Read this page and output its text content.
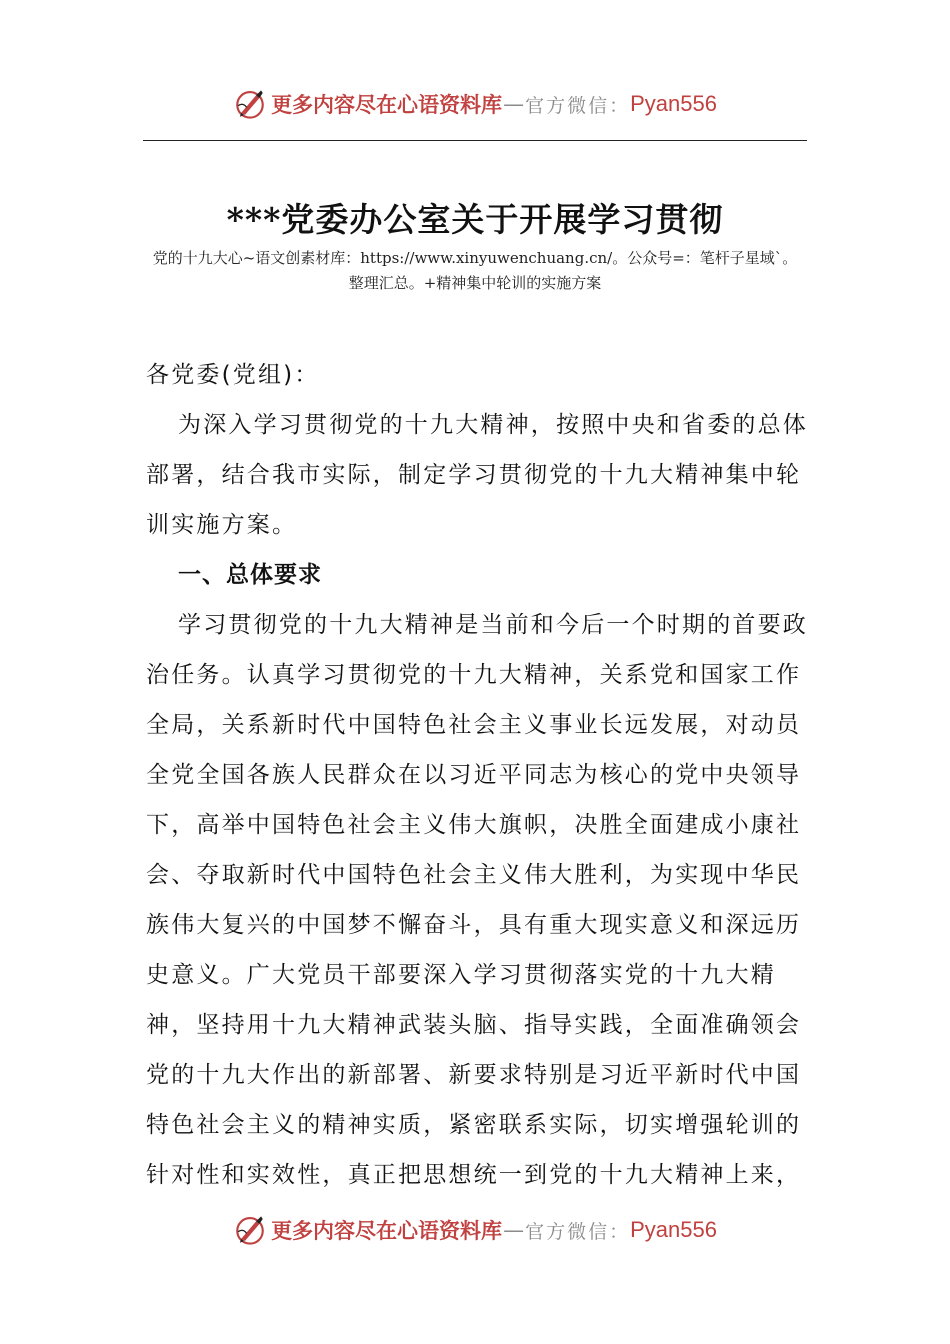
更多内容尽在心语资料库 — 官方微信： Pyan556
***党委办公室关于开展学习贯彻
党的十九大心~语文创素材库：https://www.xinyuwenchuang.cn/。公众号=：笔杆子星域`。
整理汇总。+精神集中轮训的实施方案

各党委(党组)：

为深入学习贯彻党的十九大精神，按照中央和省委的总体部署，结合我市实际，制定学习贯彻党的十九大精神集中轮训实施方案。

一、总体要求

学习贯彻党的十九大精神是当前和今后一个时期的首要政治任务。认真学习贯彻党的十九大精神，关系党和国家工作全局，关系新时代中国特色社会主义事业长远发展，对动员全党全国各族人民群众在以习近平同志为核心的党中央领导下，高举中国特色社会主义伟大旗帜，决胜全面建成小康社会、夺取新时代中国特色社会主义伟大胜利，为实现中华民族伟大复兴的中国梦不懈奋斗，具有重大现实意义和深远历史意义。广大党员干部要深入学习贯彻落实党的十九大精神，坚持用十九大精神武装头脑、指导实践，全面准确领会党的十九大作出的新部署、新要求特别是习近平新时代中国特色社会主义的精神实质，紧密联系实际，切实增强轮训的针对性和实效性，真正把思想统一到党的十九大精神上来，

更多内容尽在心语资料库 — 官方微信： Pyan556
